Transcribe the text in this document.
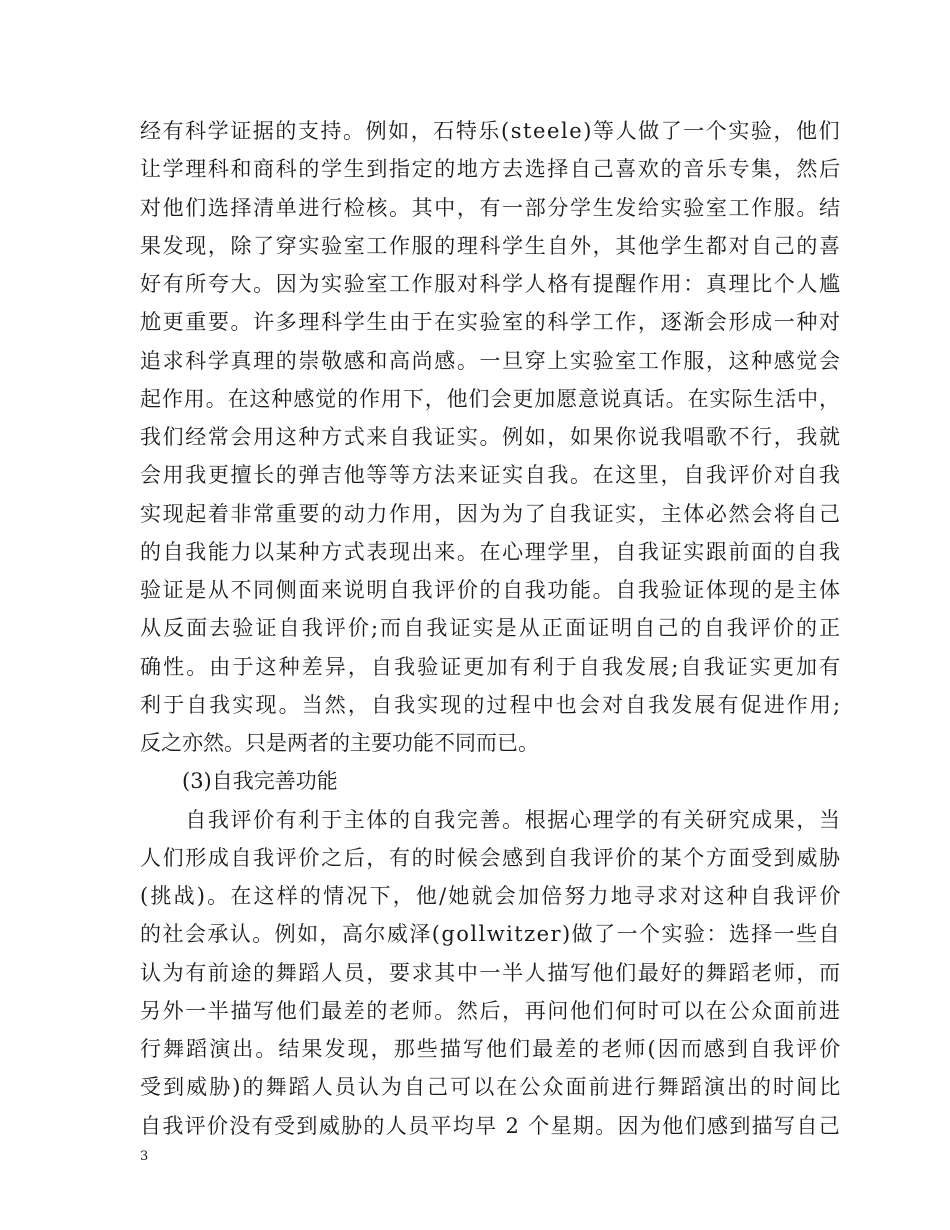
经有科学证据的支持。例如，石特乐(steele)等人做了一个实验，他们
让学理科和商科的学生到指定的地方去选择自己喜欢的音乐专集，然后
对他们选择清单进行检核。其中，有一部分学生发给实验室工作服。结
果发现，除了穿实验室工作服的理科学生自外，其他学生都对自己的喜
好有所夸大。因为实验室工作服对科学人格有提醒作用：真理比个人尴
尬更重要。许多理科学生由于在实验室的科学工作，逐渐会形成一种对
追求科学真理的崇敬感和高尚感。一旦穿上实验室工作服，这种感觉会
起作用。在这种感觉的作用下，他们会更加愿意说真话。在实际生活中，
我们经常会用这种方式来自我证实。例如，如果你说我唱歌不行，我就
会用我更擅长的弹吉他等等方法来证实自我。在这里，自我评价对自我
实现起着非常重要的动力作用，因为为了自我证实，主体必然会将自己
的自我能力以某种方式表现出来。在心理学里，自我证实跟前面的自我
验证是从不同侧面来说明自我评价的自我功能。自我验证体现的是主体
从反面去验证自我评价;而自我证实是从正面证明自己的自我评价的正
确性。由于这种差异，自我验证更加有利于自我发展;自我证实更加有
利于自我实现。当然，自我实现的过程中也会对自我发展有促进作用;
反之亦然。只是两者的主要功能不同而已。
　　(3)自我完善功能
　　自我评价有利于主体的自我完善。根据心理学的有关研究成果，当
人们形成自我评价之后，有的时候会感到自我评价的某个方面受到威胁
(挑战)。在这样的情况下，他/她就会加倍努力地寻求对这种自我评价
的社会承认。例如，高尔威泽(gollwitzer)做了一个实验：选择一些自
认为有前途的舞蹈人员，要求其中一半人描写他们最好的舞蹈老师，而
另外一半描写他们最差的老师。然后，再问他们何时可以在公众面前进
行舞蹈演出。结果发现，那些描写他们最差的老师(因而感到自我评价
受到威胁)的舞蹈人员认为自己可以在公众面前进行舞蹈演出的时间比
自我评价没有受到威胁的人员平均早 2 个星期。因为他们感到描写自己
3
